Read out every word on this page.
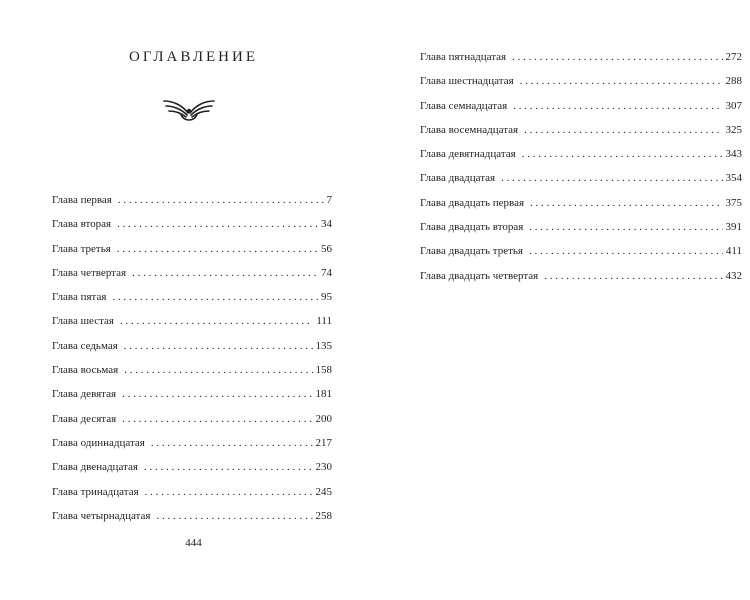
ОГЛАВЛЕНИЕ
Глава первая . . .	7
Глава вторая . . .	34
Глава третья . . .	56
Глава четвертая . . .	74
Глава пятая . . .	95
Глава шестая . . .	111
Глава седьмая . . .	135
Глава восьмая . . .	158
Глава девятая . . .	181
Глава десятая . . .	200
Глава одиннадцатая . . .	217
Глава двенадцатая . . .	230
Глава тринадцатая . . .	245
Глава четырнадцатая . . .	258
444
Глава пятнадцатая . . .	272
Глава шестнадцатая . . .	288
Глава семнадцатая . . .	307
Глава восемнадцатая . . .	325
Глава девятнадцатая . . .	343
Глава двадцатая . . .	354
Глава двадцать первая . . .	375
Глава двадцать вторая . . .	391
Глава двадцать третья . . .	411
Глава двадцать четвертая . . .	432
